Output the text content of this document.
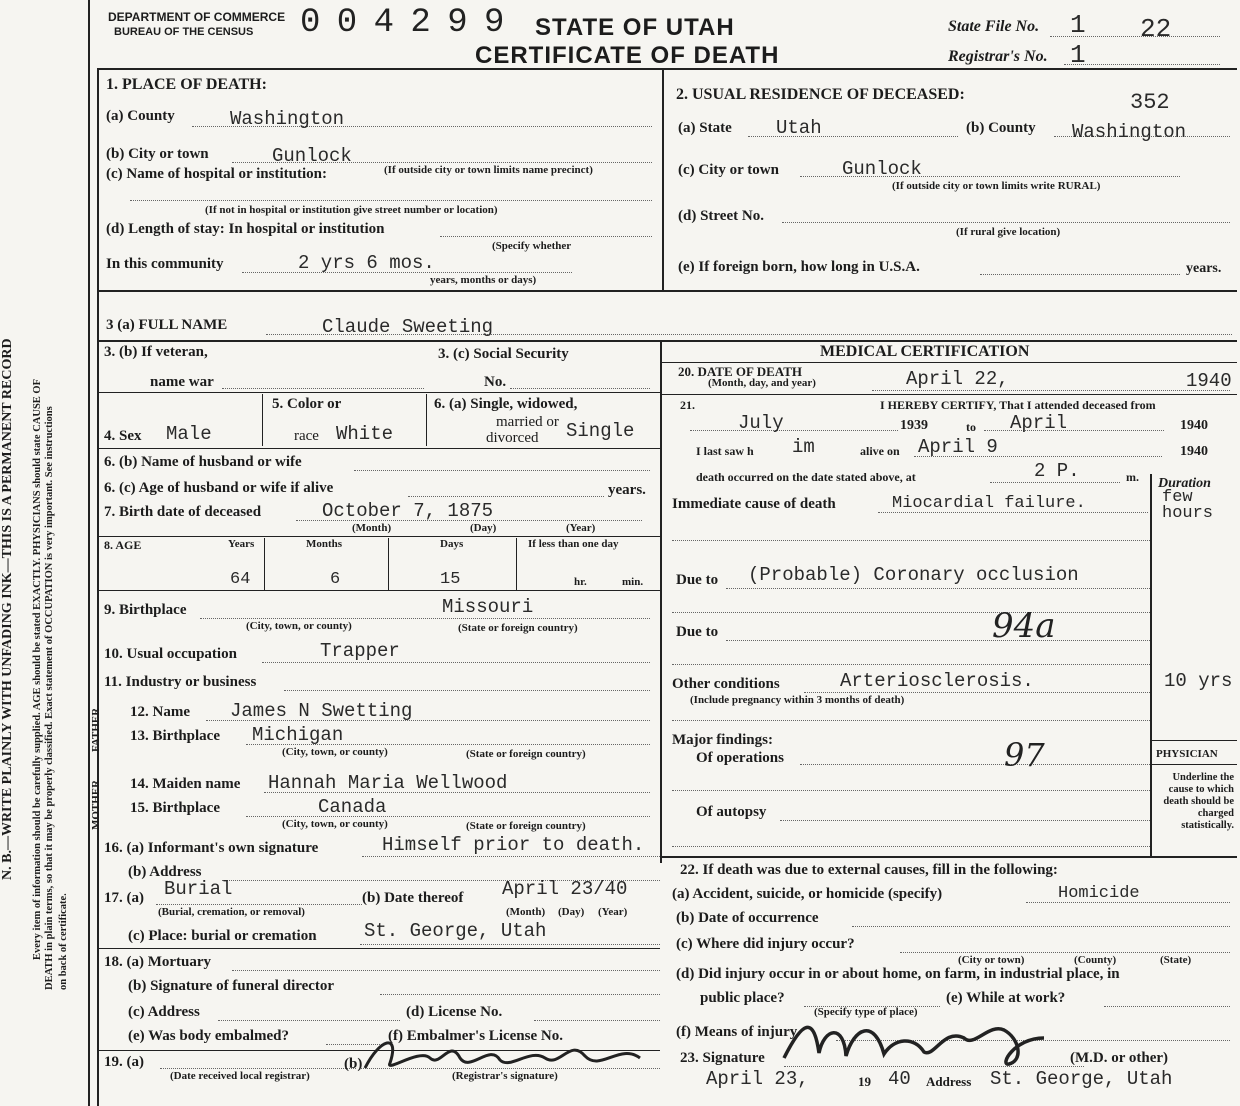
N. B.—WRITE PLAINLY WITH UNFADING INK—THIS IS A PERMANENT RECORD Every item of information should be carefully supplied. AGE should be stated EXACTLY. PHYSICIANS should state CAUSE OF DEATH in plain terms, so that it may be properly classified. Exact statement of OCCUPATION is very important. See instructions on back of certificate.
DEPARTMENT OF COMMERCE
BUREAU OF THE CENSUS 0 0 4 2 9 9 STATE OF UTAH
CERTIFICATE OF DEATH
State File No. 1 22
Registrar's No. 1
1. PLACE OF DEATH:
(a) County	Washington
(b) City or town	Gunlock
(c) Name of hospital or institution:	(If outside city or town limits name precinct)
(If not in hospital or institution give street number or location)
(d) Length of stay: In hospital or institution
(Specify whether
In this community	2 yrs 6 mos.
years, months or days)
2. USUAL RESIDENCE OF DECEASED:	352
(a) State Utah	(b) County Washington
(c) City or town	Gunlock
(If outside city or town limits write RURAL)
(d) Street No.
(If rural give location)
(e) If foreign born, how long in U.S.A.	years.
3 (a) FULL NAME	Claude Sweeting
3. (b) If veteran,
name war
3. (c) Social Security
No.
4. Sex Male
5. Color or
race White
6. (a) Single, widowed,
married or
divorced Single
6. (b) Name of husband or wife
6. (c) Age of husband or wife if alive	years.
7. Birth date of deceased	October 7, 1875
(Month)	(Day)	(Year)
8. AGE	Years	Months	Days	If less than one day
64	6	15	hr.	min.
9. Birthplace	Missouri
(City, town, or county)	(State or foreign country)
10. Usual occupation	Trapper
11. Industry or business
FATHER 12. Name James N Swetting
13. Birthplace Michigan
(City, town, or county)	(State or foreign country)
MOTHER 14. Maiden name Hannah Maria Wellwood
15. Birthplace	Canada
(City, town, or county)	(State or foreign country)
16. (a) Informant's own signature	Himself prior to death.
(b) Address
17. (a) Burial
(Burial, cremation, or removal)
(b) Date thereof April 23/40
(Month) (Day) (Year)
(c) Place: burial or cremation St. George, Utah
18. (a) Mortuary
(b) Signature of funeral director
(c) Address	(d) License No.
(e) Was body embalmed?	(f) Embalmer's License No.
19. (a)
(Date received local registrar)
(b)
(Registrar's signature)
MEDICAL CERTIFICATION
20. DATE OF DEATH
(Month, day, and year)	April 22,	1940
21.	I HEREBY CERTIFY, That I attended deceased from
July	1939	to April	1940
I last saw h im	alive on April 9	1940
death occurred on the date stated above, at	2 P.	m. Duration
Immediate cause of death	Miocardial failure.	few hours
Due to (Probable) Coronary occlusion
Due to	94a
Other conditions	Arteriosclerosis.
(Include pregnancy within 3 months of death)
10 yrs
Major findings:
Of operations	97	PHYSICIAN
Underline the cause to which death should be charged statistically.
Of autopsy
22. If death was due to external causes, fill in the following:
(a) Accident, suicide, or homicide (specify)	Homicide
(b) Date of occurrence
(c) Where did injury occur?
(City or town)	(County)	(State)
(d) Did injury occur in or about home, on farm, in industrial place, in
public place?
(Specify type of place)
(e) While at work?
(f) Means of injury
23. Signature	(M.D. or other)
April 23,	19 40 Address St. George, Utah
